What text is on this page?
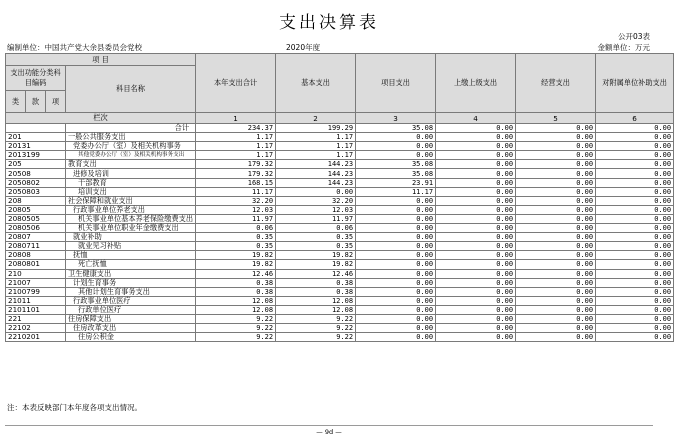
支出决算表
公开03表
编制单位：中国共产党大余县委员会党校	2020年度	金额单位：万元
项 目				本年支出合计	基本支出	项目支出	上缴上级支出	经营支出	对附属单位补助支出
支出功能分类科目编码			科目名称						
类	款	项							
栏次				1	2	3	4	5	6
			合计	234.37	199.29	35.08	0.00	0.00	0.00
201			一般公共服务支出	1.17	1.17	0.00	0.00	0.00	0.00
20131			党委办公厅（室）及相关机构事务	1.17	1.17	0.00	0.00	0.00	0.00
2013199			其他党委办公厅（室）及相关机构事务支出	1.17	1.17	0.00	0.00	0.00	0.00
205			教育支出	179.32	144.23	35.08	0.00	0.00	0.00
20508			进修及培训	179.32	144.23	35.08	0.00	0.00	0.00
2050802			干部教育	168.15	144.23	23.91	0.00	0.00	0.00
2050803			培训支出	11.17	0.00	11.17	0.00	0.00	0.00
208			社会保障和就业支出	32.20	32.20	0.00	0.00	0.00	0.00
20805			行政事业单位养老支出	12.03	12.03	0.00	0.00	0.00	0.00
2080505			机关事业单位基本养老保险缴费支出	11.97	11.97	0.00	0.00	0.00	0.00
2080506			机关事业单位职业年金缴费支出	0.06	0.06	0.00	0.00	0.00	0.00
20807			就业补助	0.35	0.35	0.00	0.00	0.00	0.00
2080711			就业见习补贴	0.35	0.35	0.00	0.00	0.00	0.00
20808			抚恤	19.82	19.82	0.00	0.00	0.00	0.00
2080801			死亡抚恤	19.82	19.82	0.00	0.00	0.00	0.00
210			卫生健康支出	12.46	12.46	0.00	0.00	0.00	0.00
21007			计划生育事务	0.38	0.38	0.00	0.00	0.00	0.00
2100799			其他计划生育事务支出	0.38	0.38	0.00	0.00	0.00	0.00
21011			行政事业单位医疗	12.08	12.08	0.00	0.00	0.00	0.00
2101101			行政单位医疗	12.08	12.08	0.00	0.00	0.00	0.00
221			住房保障支出	9.22	9.22	0.00	0.00	0.00	0.00
22102			住房改革支出	9.22	9.22	0.00	0.00	0.00	0.00
2210201			住房公积金	9.22	9.22	0.00	0.00	0.00	0.00
注：本表反映部门本年度各项支出情况。
— 9d —
